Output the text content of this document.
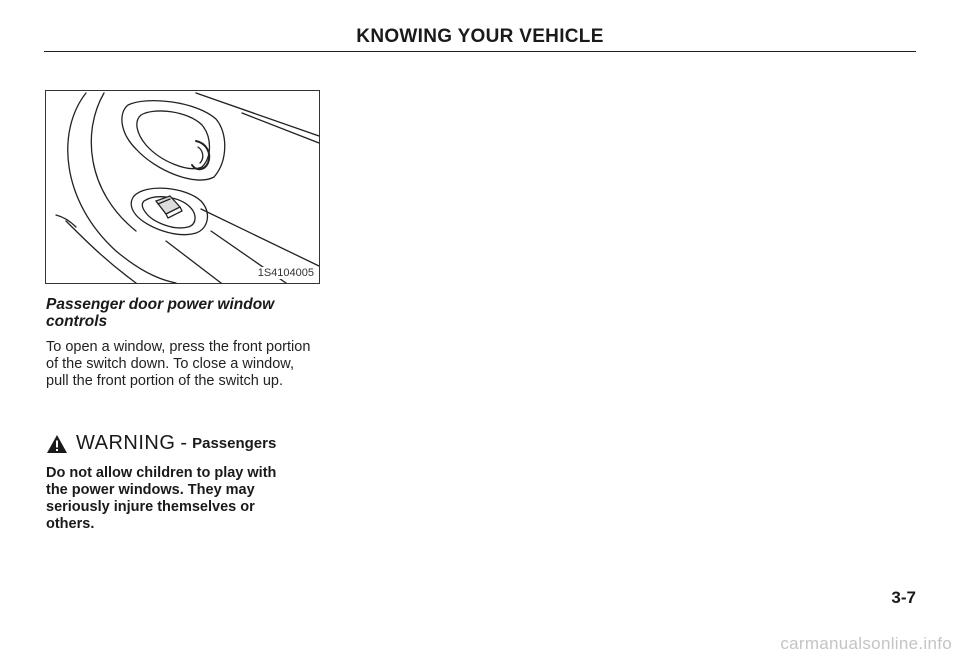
KNOWING YOUR VEHICLE
1S4104005
Passenger door power window controls
To open a window, press the front portion of the switch down. To close a window, pull the front portion of the switch up.
WARNING - Passengers
Do not allow children to play with the power windows. They may seriously injure themselves or others.
3-7
carmanualsonline.info
